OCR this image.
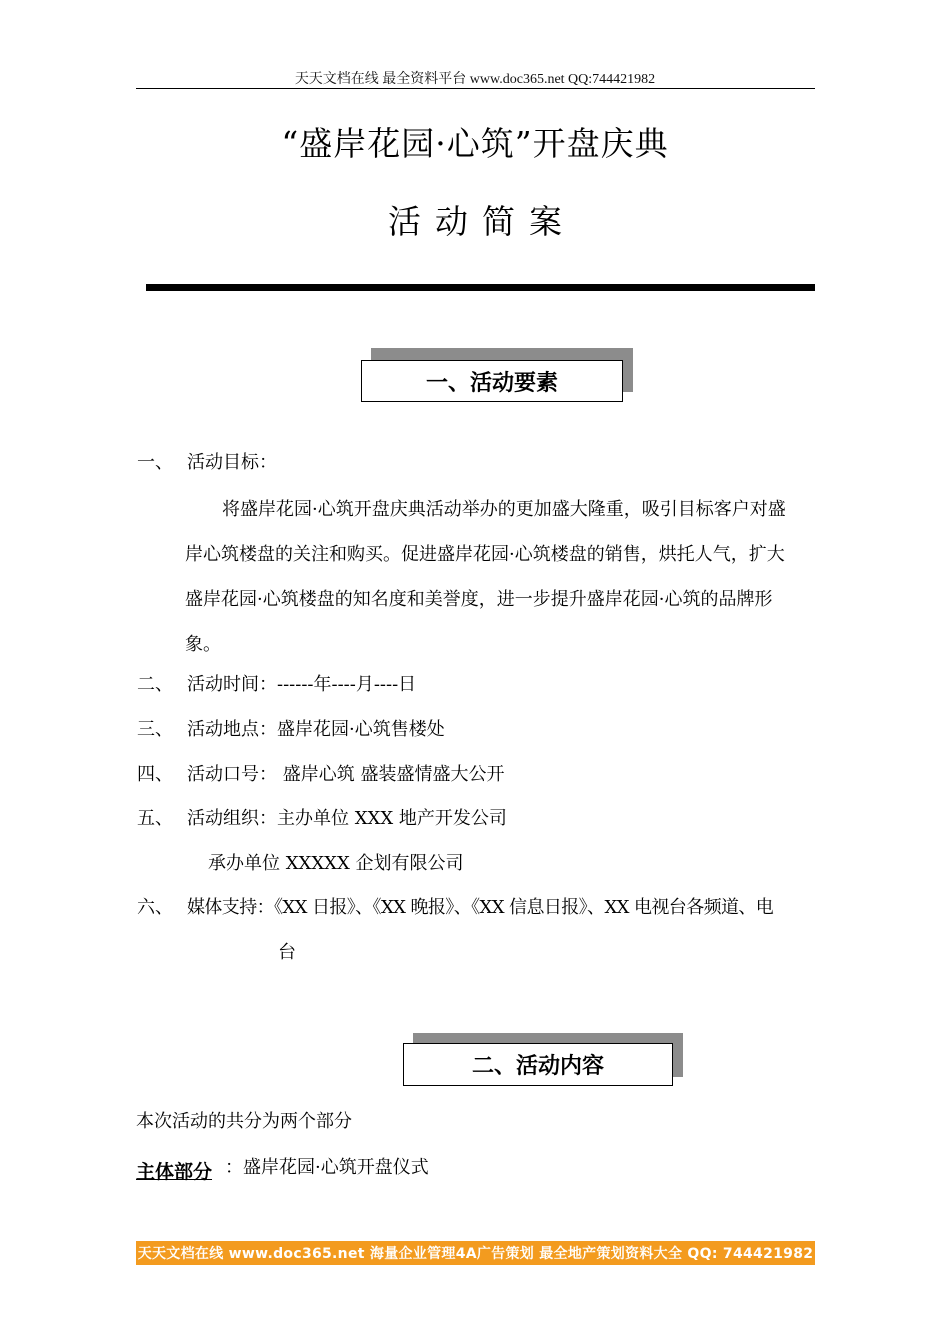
天天文档在线 最全资料平台 www.doc365.net QQ:744421982
“盛岸花园·心筑”开盘庆典
活动简案
一、活动要素
一、 活动目标：
将盛岸花园·心筑开盘庆典活动举办的更加盛大隆重，吸引目标客户对盛
岸心筑楼盘的关注和购买。促进盛岸花园·心筑楼盘的销售，烘托人气，扩大
盛岸花园·心筑楼盘的知名度和美誉度，进一步提升盛岸花园·心筑的品牌形
象。
二、 活动时间：------年----月----日
三、 活动地点：盛岸花园·心筑售楼处
四、 活动口号： 盛岸心筑 盛装盛情盛大公开
五、 活动组织：主办单位 XXX 地产开发公司
承办单位 XXXXX 企划有限公司
六、 媒体支持：《XX 日报》、《XX 晚报》、《XX 信息日报》、XX 电视台各频道、电
台
二、活动内容
本次活动的共分为两个部分
主体部分 ：盛岸花园·心筑开盘仪式
天天文档在线 www.doc365.net 海量企业管理4A广告策划 最全地产策划资料大全 QQ: 744421982
